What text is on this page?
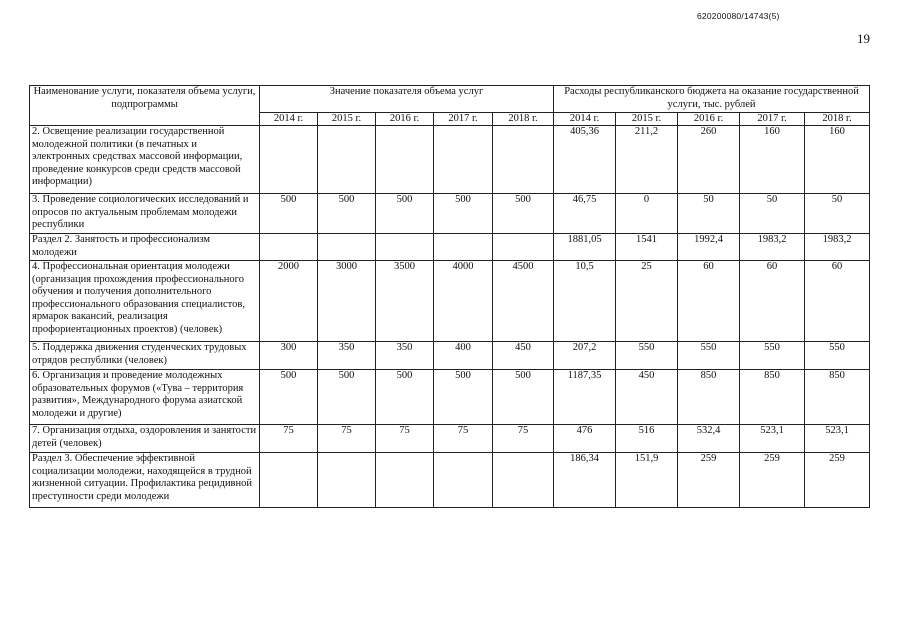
620200080/14743(5)
19
Наименование услуги, показателя объема услуги, подпрограммы	Значение показателя объема услуг					Расходы республиканского бюджета на оказание государственной услуги, тыс. рублей				
	2014 г.	2015 г.	2016 г.	2017 г.	2018 г.	2014 г.	2015 г.	2016 г.	2017 г.	2018 г.
2. Освещение реализации государственной молодежной политики (в печатных и электронных средствах массовой информации, проведение конкурсов среди средств массовой информации)						405,36	211,2	260	160	160
3. Проведение социологических исследований и опросов по актуальным проблемам молодежи республики	500	500	500	500	500	46,75	0	50	50	50
Раздел 2. Занятость и профессионализм молодежи						1881,05	1541	1992,4	1983,2	1983,2
4. Профессиональная ориентация молодежи (организация прохождения профессионального обучения и получения дополнительного профессионального образования специалистов, ярмарок вакансий, реализация профориентационных проектов) (человек)	2000	3000	3500	4000	4500	10,5	25	60	60	60
5. Поддержка движения студенческих трудовых отрядов республики (человек)	300	350	350	400	450	207,2	550	550	550	550
6. Организация и проведение молодежных образовательных форумов («Тува – территория развития», Международного форума азиатской молодежи и другие)	500	500	500	500	500	1187,35	450	850	850	850
7. Организация отдыха, оздоровления и занятости детей (человек)	75	75	75	75	75	476	516	532,4	523,1	523,1
Раздел 3. Обеспечение эффективной социализации молодежи, находящейся в трудной жизненной ситуации. Профилактика рецидивной преступности среди молодежи						186,34	151,9	259	259	259
